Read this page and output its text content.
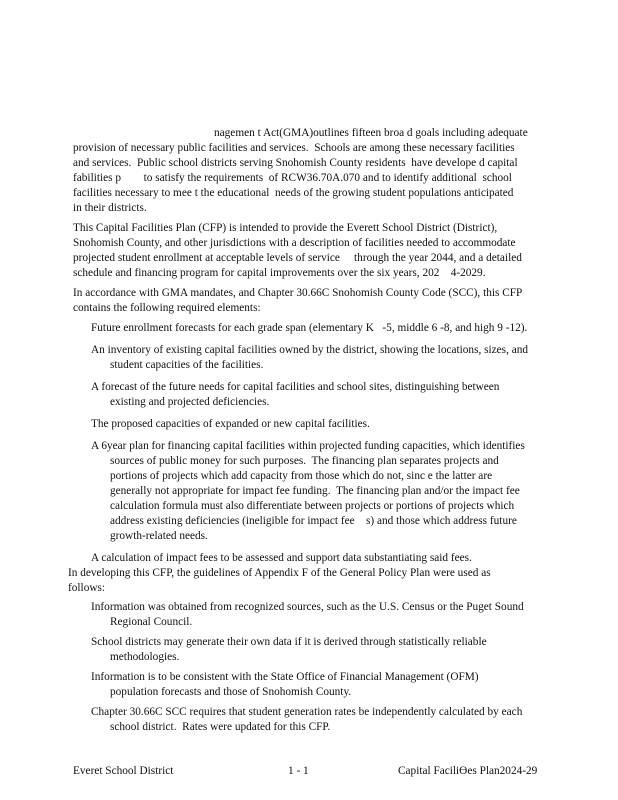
nagemen t Act(GMA)outlines fifteen broa d goals including adequate

provision of necessary public facilities and services.  Schools are among these necessary facilities
and services.  Public school districts serving Snohomish County residents  have develope d capital
fabilities p        to satisfy the requirements  of RCW36.70A.070 and to identify additional  school
facilities necessary to mee t the educational  needs of the growing student populations anticipated
in their districts.
This Capital Facilities Plan (CFP) is intended to provide the Everett School District (District),
Snohomish County, and other jurisdictions with a description of facilities needed to accommodate
projected student enrollment at acceptable levels of service     through the year 2044, and a detailed
schedule and financing program for capital improvements over the six years, 202    4-2029.
In accordance with GMA mandates, and Chapter 30.66C Snohomish County Code (SCC), this CFP
contains the following required elements:
Future enrollment forecasts for each grade span (elementary K   -5, middle 6 -8, and high 9 -12).
An inventory of existing capital facilities owned by the district, showing the locations, sizes, and
student capacities of the facilities.
A forecast of the future needs for capital facilities and school sites, distinguishing between
existing and projected deficiencies.
The proposed capacities of expanded or new capital facilities.
A 6year plan for financing capital facilities within projected funding capacities, which identifies
sources of public money for such purposes.  The financing plan separates projects and
portions of projects which add capacity from those which do not, sinc e the latter are
generally not appropriate for impact fee funding.  The financing plan and/or the impact fee
calculation formula must also differentiate between projects or portions of projects which
address existing deficiencies (ineligible for impact fee    s) and those which address future
growth-related needs.
A calculation of impact fees to be assessed and support data substantiating said fees.
In developing this CFP, the guidelines of Appendix F of the General Policy Plan were used as
follows:
Information was obtained from recognized sources, such as the U.S. Census or the Puget Sound
Regional Council.
School districts may generate their own data if it is derived through statistically reliable
methodologies.
Information is to be consistent with the State Office of Financial Management (OFM)
population forecasts and those of Snohomish County.
Chapter 30.66C SCC requires that student generation rates be independently calculated by each
school district.  Rates were updated for this CFP.
Everet School District	1 - 1	Capital FaciliӨes Plan2024-29
